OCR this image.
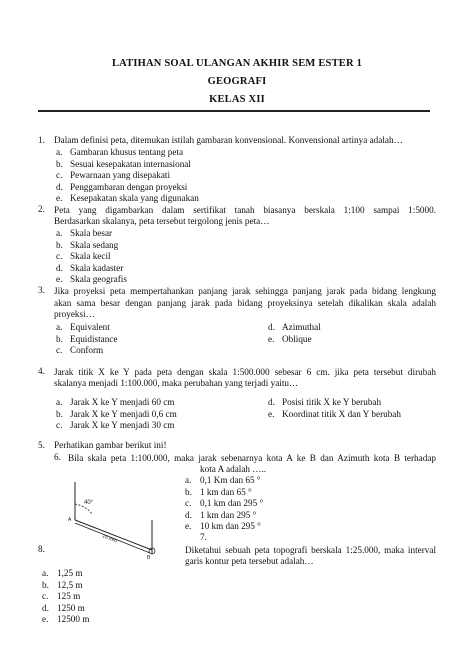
LATIHAN SOAL ULANGAN AKHIR SEM ESTER 1
GEOGRAFI
KELAS XII
1. Dalam definisi peta, ditemukan istilah gambaran konvensional. Konvensional artinya adalah…
a. Gambaran khusus tentang peta
b. Sesuai kesepakatan internasional
c. Pewarnaan yang disepakati
d. Penggambaran dengan proyeksi
e. Kesepakatan skala yang digunakan
2. Peta yang digambarkan dalam sertifikat tanah biasanya berskala 1:100 sampai 1:5000.
Berdasarkan skalanya, peta tersebut tergolong jenis peta…
a. Skala besar
b. Skala sedang
c. Skala kecil
d. Skala kadaster
e. Skala geografis
3. Jika proyeksi peta mempertahankan panjang jarak sehingga panjang jarak pada bidang lengkung
akan sama besar dengan panjang jarak pada bidang proyeksinya setelah dikalikan skala adalah
proyeksi…
a. Equivalent
b. Equidistance
c. Conform
d. Azimuthal
e. Oblique
4. Jarak titik X ke Y pada peta dengan skala 1:500.000 sebesar 6 cm. jika peta tersebut dirubah
skalanya menjadi 1:100.000, maka perubahan yang terjadi yaitu…
a. Jarak X ke Y menjadi 60 cm
b. Jarak X ke Y menjadi 0,6 cm
c. Jarak X ke Y menjadi 30 cm
d. Posisi titik X ke Y berubah
e. Koordinat titik X dan Y berubah
5. Perhatikan gambar berikut ini!
6. Bila skala peta 1:100.000, maka jarak sebenarnya kota A ke B dan Azimuth kota B terhadap
kota A adalah …..
a. 0,1 Km dan 65 °
b. 1 km dan 65 °
c. 0,1 km dan 295 °
d. 1 km dan 295 °
e. 10 km dan 295 °
7.
40°
A
15 mm
B
8.	Diketahui sebuah peta topografi berskala 1:25.000, maka interval
garis kontur peta tersebut adalah…
a. 1,25 m
b. 12,5 m
c. 125 m
d. 1250 m
e. 12500 m
